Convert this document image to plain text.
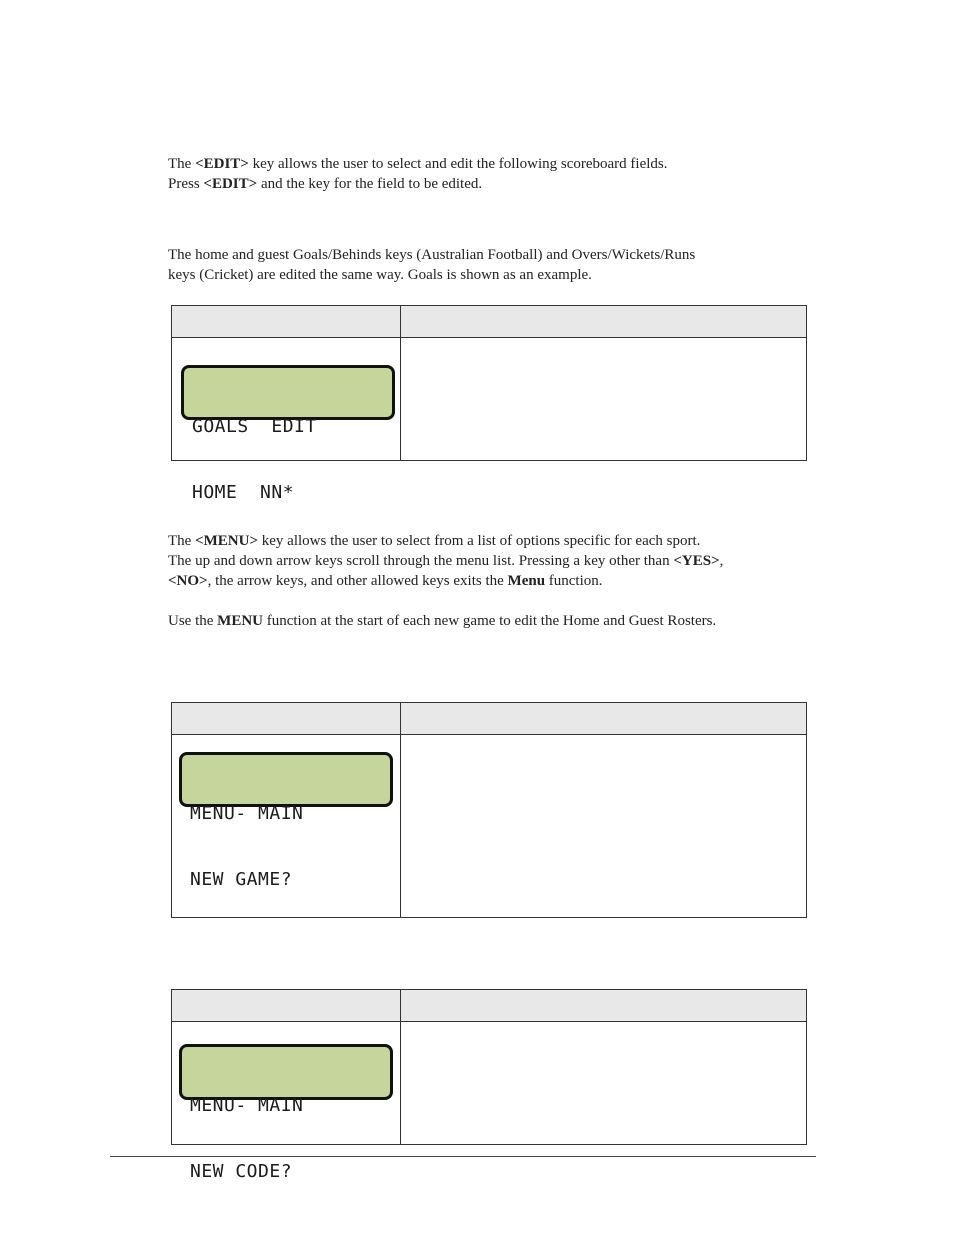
The <EDIT> key allows the user to select and edit the following scoreboard fields.
Press <EDIT> and the key for the field to be edited.

The home and guest Goals/Behinds keys (Australian Football) and Overs/Wickets/Runs
keys (Cricket) are edited the same way. Goals is shown as an example.

GOALS  EDIT

HOME  NN*

The <MENU> key allows the user to select from a list of options specific for each sport.
The up and down arrow keys scroll through the menu list. Pressing a key other than <YES>,
<NO>, the arrow keys, and other allowed keys exits the Menu function.

Use the MENU function at the start of each new game to edit the Home and Guest Rosters.

MENU- MAIN

NEW GAME?

MENU- MAIN

NEW CODE?
